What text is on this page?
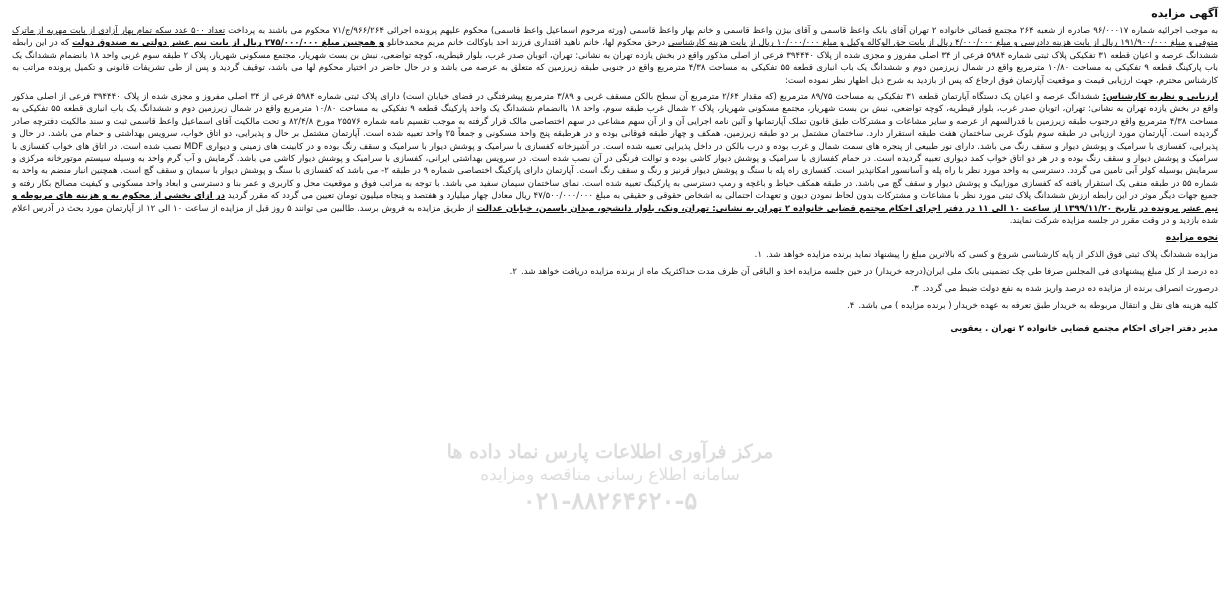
آگهی مزایده

به موجب اجرائیه شماره ۹۶/۰۰۰۱۷ صادره از شعبه ۲۶۴ مجتمع قضائی خانواده ۲ تهران آقای بابک واعظ قاسمی و آقای بیژن واعظ قاسمی و خانم بهار واعظ قاسمی (ورثه مرحوم اسماعیل واعظ قاسمی) محکوم علیهم پرونده اجرائی ۹۶۶/۲۶۴/ج/۷۱ محکوم می باشند به پرداخت تعداد ۵۰۰ عدد سکه تمام بهار آزادی از بابت مهریه از ماترک متوفی و مبلغ ۱۹۱/۹۰۰/۰۰۰ ریال از بابت هزینه دادرسی و مبلغ ۴/۰۰۰/۰۰۰ ریال از بابت حق الوکاله وکیل و مبلغ ۱۰/۰۰۰/۰۰۰ ریال از بابت هزینه کارشناسی درحق محکوم لها، خانم ناهید اقتداری فرزند احد باوکالت خانم مریم محمدخانلو و همچنین مبلغ ۲۷۵/۰۰۰/۰۰۰ ریال از بابت نیم عشر دولتی به صندوق دولت که در این رابطه ششدانگ عرصه و اعیان قطعه ۳۱ تفکیکی پلاک ثبتی شماره ۵۹۸۴ فرعی از ۳۴ اصلی مفروز و مجزی شده از پلاک ۳۹۴۴۴۰ فرعی از اصلی مذکور واقع در بخش یازده تهران به نشانی: تهران، اتوبان صدر غرب، بلوار قیطریه، کوچه تواضعی، نبش بن بست شهریار، مجتمع مسکونی شهریار، پلاک ۲ طبقه سوم غربی واحد ۱۸ بانضمام ششدانگ یک باب پارکینگ قطعه ۹ تفکیکی به مساحت ۱۰/۸۰ مترمربع واقع در شمال زیرزمین دوم و ششدانگ یک باب انباری قطعه ۵۵ تفکیکی به مساحت ۴/۳۸ مترمربع واقع در جنوبی طبقه زیرزمین که متعلق به عرصه می باشد و در حال حاضر در اختیار محکوم لها می باشد، توقیف گردید و پس از طی تشریفات قانونی و تکمیل پرونده مراتب به کارشناس محترم، جهت ارزیابی قیمت و موقعیت آپارتمان فوق ارجاع که پس از بازدید به شرح ذیل اظهار نظر نموده است:

ارزیابی و نظریه کارشناس: ششدانگ عرصه و اعیان یک دستگاه آپارتمان قطعه ۳۱ تفکیکی به مساحت ۸۹/۷۵ مترمربع (که مقدار ۲/۶۴ مترمربع آن سطح بالکن مسقف غربی و ۳/۸۹ مترمربع پیشرفتگی در فضای خیابان است) دارای پلاک ثبتی شماره ۵۹۸۴ فرعی از ۳۴ اصلی مفروز و مجزی شده از پلاک ۳۹۴۴۴۰ فرعی از اصلی مذکور واقع در بخش یازده تهران به نشانی: تهران، اتوبان صدر غرب، بلوار قیطریه، کوچه تواضعی، نبش بن بست شهریار، مجتمع مسکونی شهریار، پلاک ۲ شمال غرب طبقه سوم، واحد ۱۸ باانضمام ششدانگ یک واحد پارکینگ قطعه ۹ تفکیکی به مساحت ۱۰/۸۰ مترمربع واقع در شمال زیرزمین دوم و ششدانگ یک باب انباری قطعه ۵۵ تفکیکی به مساحت ۴/۳۸ مترمربع واقع درجنوب طبقه زیرزمین با قدرالسهم از عرصه و سایر مشاعات و مشترکات طبق قانون تملک آپارتمانها و آئین نامه اجرایی آن و از آن سهم مشاعی در سهم اختصاصی مالک قرار گرفته به موجب تقسیم نامه شماره ۲۵۵۷۶ مورخ ۸۲/۴/۸ و تحت مالکیت آقای اسماعیل واعظ قاسمی ثبت و سند مالکیت دفترچه صادر گردیده است. آپارتمان مورد ارزیابی در طبقه سوم بلوک غربی ساختمان هفت طبقه استقرار دارد. ساختمان مشتمل بر دو طبقه زیرزمین، همکف و چهار طبقه فوقانی بوده و در هرطبقه پنج واحد مسکونی و جمعاً ۲۵ واحد تعبیه شده است. آپارتمان مشتمل بر حال و پذیرایی، دو اتاق خواب، سرویس بهداشتی و حمام می باشد. در حال و پذیرایی، کفسازی با سرامیک و پوشش دیوار و سقف رنگ می باشد. دارای نور طبیعی از پنجره های سمت شمال و غرب بوده و درب بالکن در داخل پذیرایی تعبیه شده است. در آشپزخانه کفسازی با سرامیک و پوشش دیوار با سرامیک و سقف رنگ بوده و در کابینت های زمینی و دیواری MDF نصب شده است. در اتاق های خواب کفسازی با سرامیک و پوشش دیوار و سقف رنگ بوده و در هر دو اتاق خواب کمد دیواری تعبیه گردیده است. در حمام کفسازی با سرامیک و پوشش دیوار کاشی بوده و توالت فرنگی در آن نصب شده است. در سرویس بهداشتی ایرانی، کفسازی با سرامیک و پوشش دیوار کاشی می باشد. گرمایش و آب گرم واحد به وسیله سیستم موتورخانه مرکزی و سرمایش بوسیله کولر آبی تامین می گردد. دسترسی به واحد مورد نظر با راه پله و آسانسور امکانپذیر است. کفسازی راه پله با سنگ و پوشش دیوار قرنیز و رنگ و سقف رنگ است. آپارتمان دارای پارکینگ اختصاصی شماره ۹ در طبقه ۲- می باشد که کفسازی با سنگ و پوشش دیوار با سیمان و سقف گچ است. همچنین انبار منضم به واحد به شماره ۵۵ در طبقه منفی یک استقرار یافته که کفسازی موزاییک و پوشش دیوار و سقف گچ می باشد. در طبقه همکف حیاط و باغچه و رمپ دسترسی به پارکینگ تعبیه شده است. نمای ساختمان سیمان سفید می باشد. با توجه به مراتب فوق و موقعیت محل و کاربری و عمر بنا و دسترسی و ابعاد واحد مسکونی و کیفیت مصالح بکار رفته و جمیع جهات دیگر موثر در این رابطه ارزش ششدانگ پلاک ثبتی مورد نظر با مشاعات و مشترکات بدون لحاظ نمودن دیون و تعهدات احتمالی به اشخاص حقوقی و حقیقی به مبلغ ۴۷/۵۰۰/۰۰۰/۰۰۰ ریال معادل چهار میلیارد و هفتصد و پنجاه میلیون تومان تعیین می گردد که مقرر گردید در ازای بخشی از محکوم به و هزینه های مربوطه و نیم عشر پرونده در تاریخ ۱۳۹۹/۱۱/۲۰ از ساعت ۱۰ الی ۱۱ در دفتر اجرای احکام مجتمع قضایی خانواده ۲ تهران به نشانی: تهران، ونک، بلوار دانشجو، میدان یاسمن، خیابان عدالت از طریق مزایده به فروش برسد. طالبین می توانند ۵ روز قبل از مزایده از ساعت ۱۰ الی ۱۲ از آپارتمان مورد بحث در آدرس اعلام شده بازدید و در وقت مقرر در جلسه مزایده شرکت نمایند.

نحوه مزایده
مزایده ششدانگ پلاک ثبتی فوق الذکر از پایه کارشناسی شروع و کسی که بالاترین مبلغ را پیشنهاد نماید برنده مزایده خواهد شد.۱.
ده درصد از کل مبلغ پیشنهادی فی المجلس صرفا طی چک تضمینی بانک ملی ایران(درجه خریدار) در حین جلسه مزایده اخذ و الباقی آن ظرف مدت حداکثریک ماه از برنده مزایده دریافت خواهد شد.۲.
درصورت انصراف برنده از مزایده ده درصد واریز شده به نفع دولت ضبط می گردد.۳.
کلیه هزینه های نقل و انتقال مربوطه به خریدار طبق تعرفه به عهده خریدار ( برنده مزایده ) می باشد.۴.
مدیر دفتر اجرای احکام مجتمع قضایی خانواده ۲ تهران . یعقوبی
مرکز فرآوری اطلاعات پارس نماد داده ها
سامانه اطلاع رسانی مناقصه ومزایده
۰۲۱-۸۸۲۶۴۶۲۰-۵
